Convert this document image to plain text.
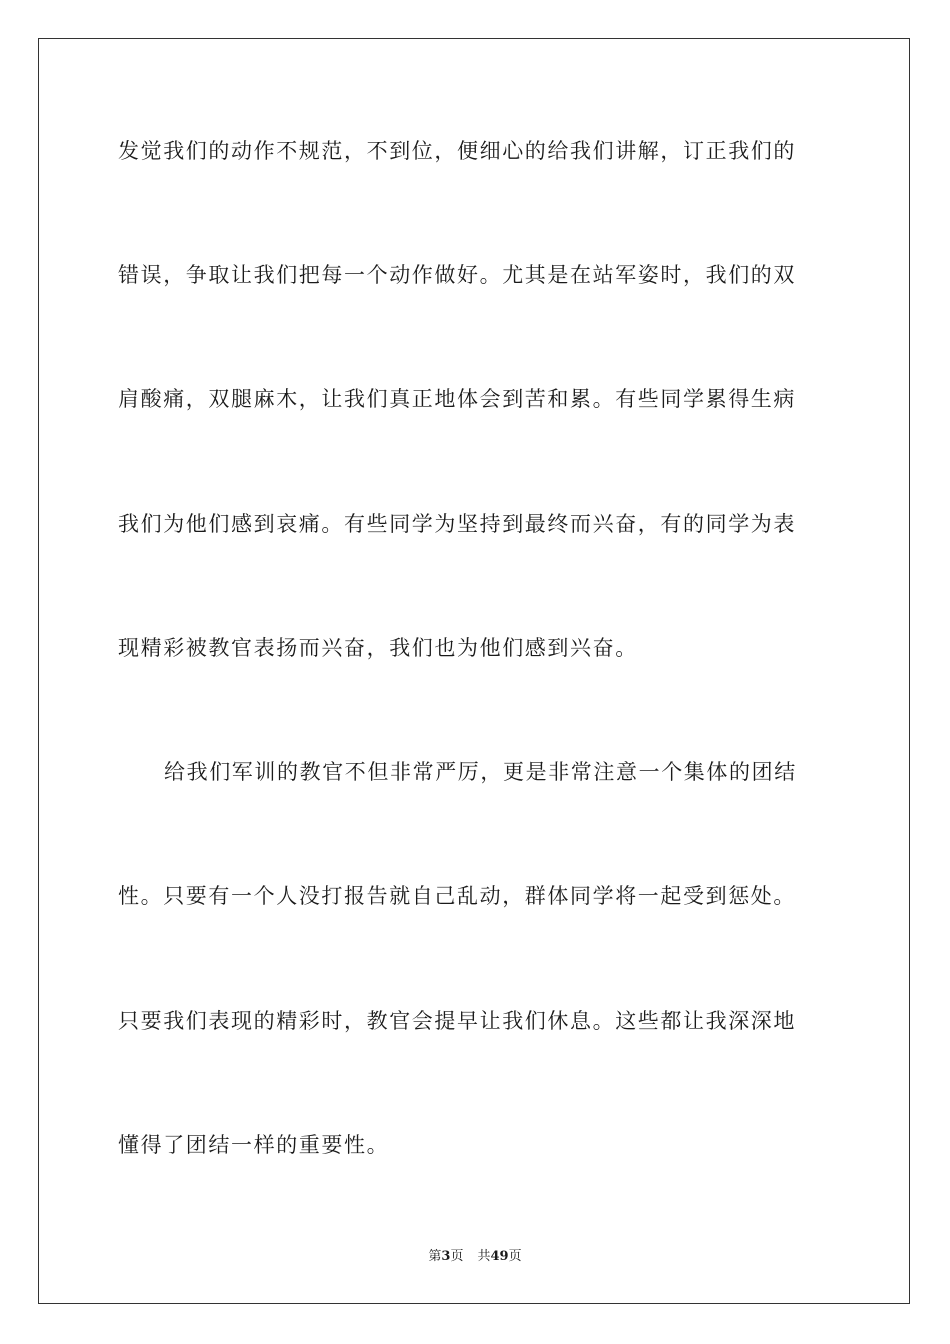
发觉我们的动作不规范，不到位，便细心的给我们讲解，订正我们的
错误，争取让我们把每一个动作做好。尤其是在站军姿时，我们的双
肩酸痛，双腿麻木，让我们真正地体会到苦和累。有些同学累得生病
我们为他们感到哀痛。有些同学为坚持到最终而兴奋，有的同学为表
现精彩被教官表扬而兴奋，我们也为他们感到兴奋。
给我们军训的教官不但非常严厉，更是非常注意一个集体的团结
性。只要有一个人没打报告就自己乱动，群体同学将一起受到惩处。
只要我们表现的精彩时，教官会提早让我们休息。这些都让我深深地
懂得了团结一样的重要性。
第3页 共49页
